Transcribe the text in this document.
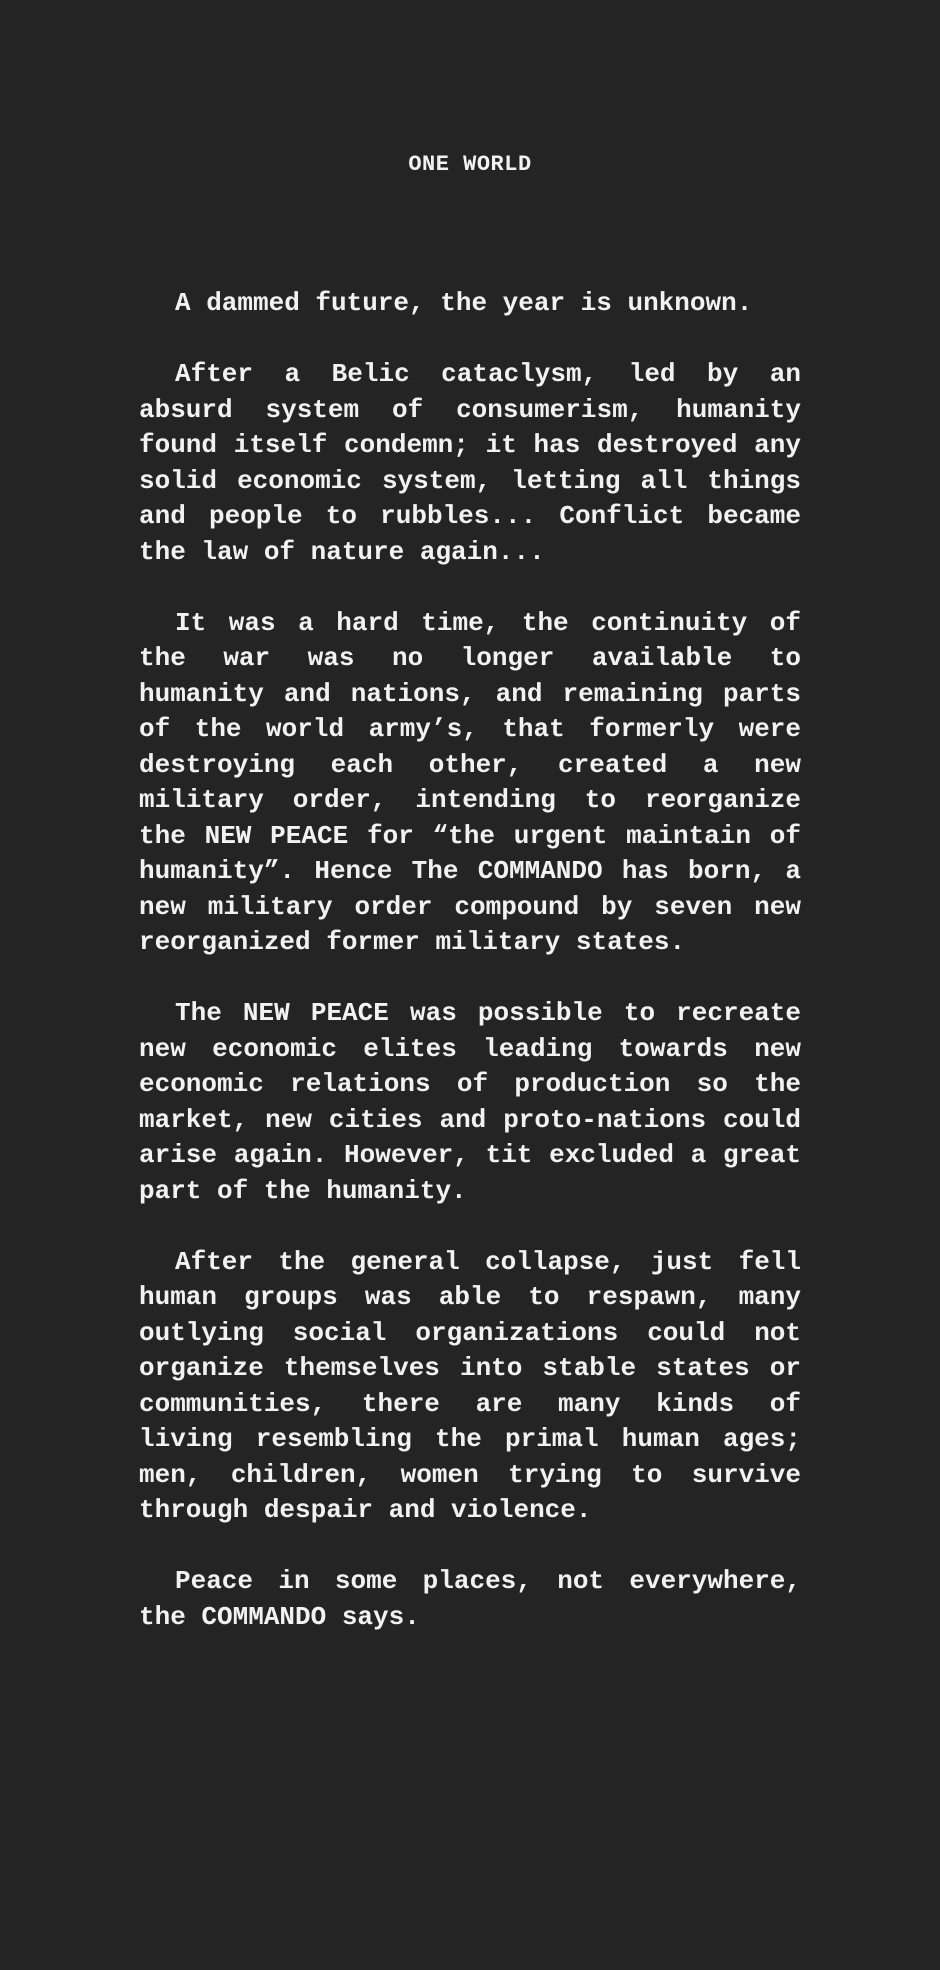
ONE WORLD

A dammed future, the year is unknown.

After a Belic cataclysm, led by an absurd system of consumerism, humanity found itself condemn; it has destroyed any solid economic system, letting all things and people to rubbles... Conflict became the law of nature again...

It was a hard time, the continuity of the war was no longer available to humanity and nations, and remaining parts of the world army’s, that formerly were destroying each other, created a new military order, intending to reorganize the NEW PEACE for “the urgent maintain of humanity”. Hence The COMMANDO has born, a new military order compound by seven new reorganized former military states.

The NEW PEACE was possible to recreate new economic elites leading towards new economic relations of production so the market, new cities and proto-nations could arise again. However, tit excluded a great part of the humanity.

After the general collapse, just fell human groups was able to respawn, many outlying social organizations could not organize themselves into stable states or communities, there are many kinds of living resembling the primal human ages; men, children, women trying to survive through despair and violence.

Peace in some places, not everywhere, the COMMANDO says.
